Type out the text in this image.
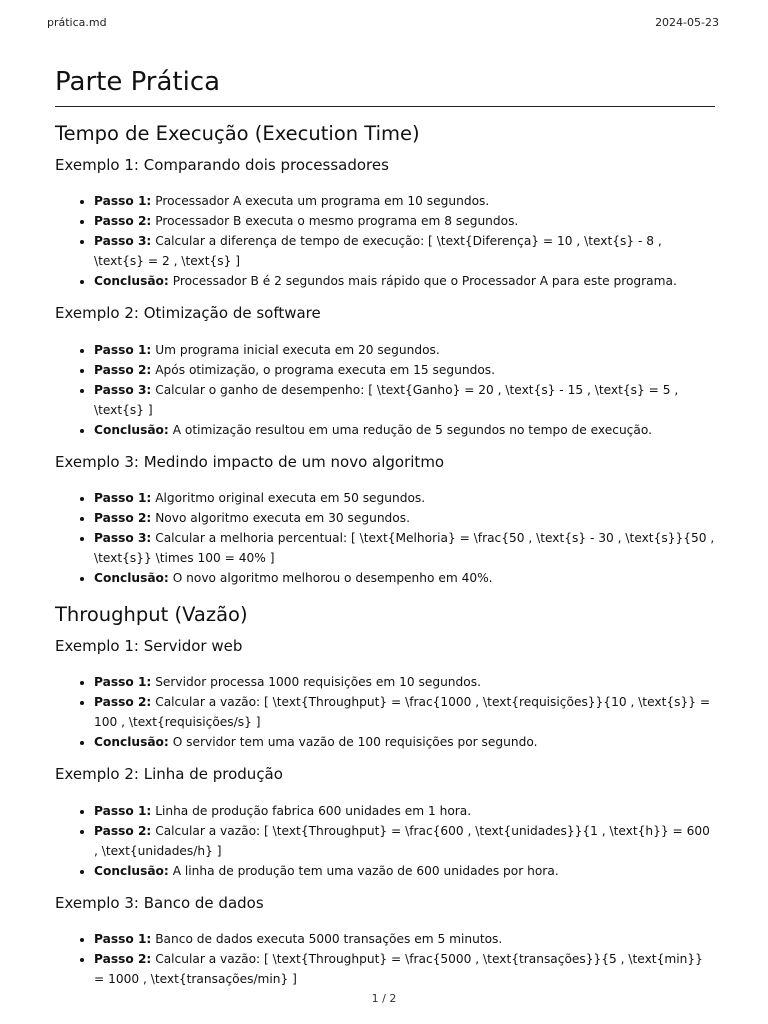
prática.md	2024-05-23
Parte Prática
Tempo de Execução (Execution Time)
Exemplo 1: Comparando dois processadores
• Passo 1: Processador A executa um programa em 10 segundos.
• Passo 2: Processador B executa o mesmo programa em 8 segundos.
• Passo 3: Calcular a diferença de tempo de execução: [ \text{Diferença} = 10 , \text{s} - 8 , \text{s} = 2 , \text{s} ]
• Conclusão: Processador B é 2 segundos mais rápido que o Processador A para este programa.
Exemplo 2: Otimização de software
• Passo 1: Um programa inicial executa em 20 segundos.
• Passo 2: Após otimização, o programa executa em 15 segundos.
• Passo 3: Calcular o ganho de desempenho: [ \text{Ganho} = 20 , \text{s} - 15 , \text{s} = 5 , \text{s} ]
• Conclusão: A otimização resultou em uma redução de 5 segundos no tempo de execução.
Exemplo 3: Medindo impacto de um novo algoritmo
• Passo 1: Algoritmo original executa em 50 segundos.
• Passo 2: Novo algoritmo executa em 30 segundos.
• Passo 3: Calcular a melhoria percentual: [ \text{Melhoria} = \frac{50 , \text{s} - 30 , \text{s}}{50 , \text{s}} \times 100 = 40% ]
• Conclusão: O novo algoritmo melhorou o desempenho em 40%.
Throughput (Vazão)
Exemplo 1: Servidor web
• Passo 1: Servidor processa 1000 requisições em 10 segundos.
• Passo 2: Calcular a vazão: [ \text{Throughput} = \frac{1000 , \text{requisições}}{10 , \text{s}} = 100 , \text{requisições/s} ]
• Conclusão: O servidor tem uma vazão de 100 requisições por segundo.
Exemplo 2: Linha de produção
• Passo 1: Linha de produção fabrica 600 unidades em 1 hora.
• Passo 2: Calcular a vazão: [ \text{Throughput} = \frac{600 , \text{unidades}}{1 , \text{h}} = 600 , \text{unidades/h} ]
• Conclusão: A linha de produção tem uma vazão de 600 unidades por hora.
Exemplo 3: Banco de dados
• Passo 1: Banco de dados executa 5000 transações em 5 minutos.
• Passo 2: Calcular a vazão: [ \text{Throughput} = \frac{5000 , \text{transações}}{5 , \text{min}} = 1000 , \text{transações/min} ]
1 / 2
